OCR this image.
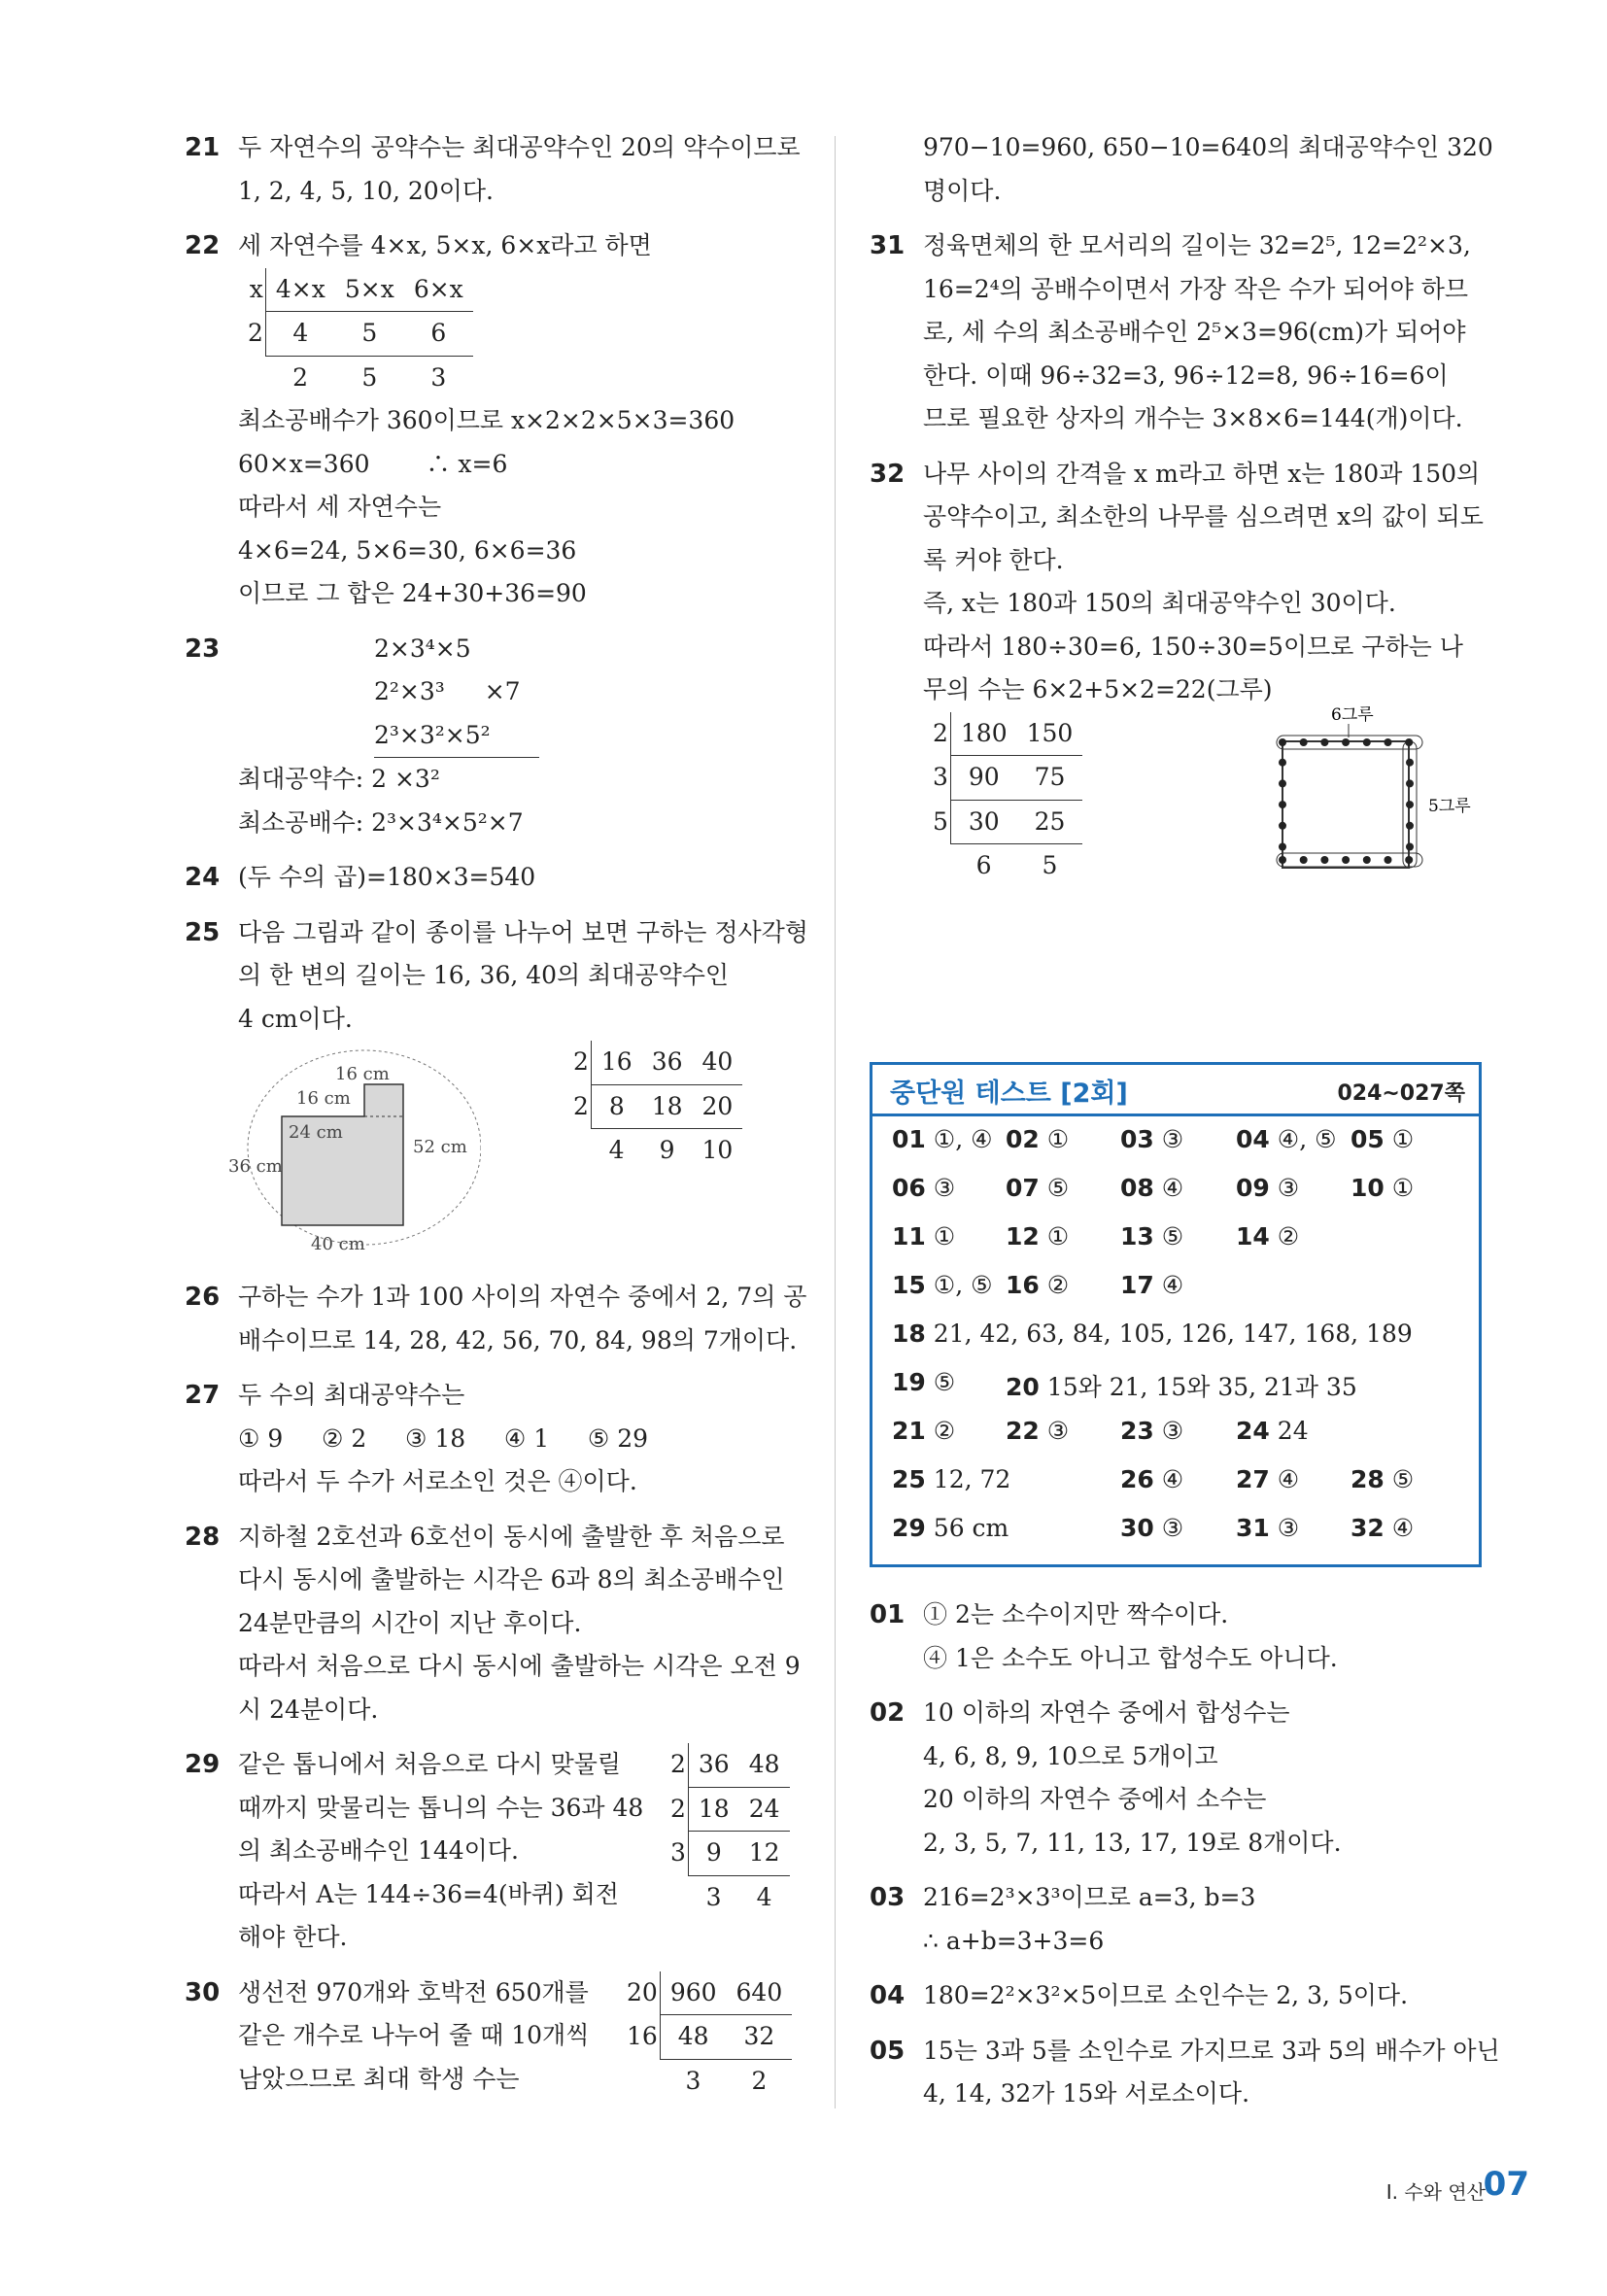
21 두 자연수의 공약수는 최대공약수인 20의 약수이므로
1, 2, 4, 5, 10, 20이다.
22 세 자연수를 4×x, 5×x, 6×x라고 하면
x	4×x	5×x	6×x
2	4	5	6
	2	5	3
최소공배수가 360이므로 x×2×2×5×3=360
60×x=360 　　∴ x=6
따라서 세 자연수는
4×6=24, 5×6=30, 6×6=36
이므로 그 합은 24+30+36=90
23	2×3⁴×5
2²×3³ 　 ×7
2³×3²×5²
최대공약수: 2 ×3²
최소공배수: 2³×3⁴×5²×7
24 (두 수의 곱)=180×3=540
25 다음 그림과 같이 종이를 나누어 보면 구하는 정사각형
의 한 변의 길이는 16, 36, 40의 최대공약수인
4 cm이다.
16 cm
16 cm
24 cm
36 cm
52 cm
40 cm
2	16	36	40
2	8	18	20
	4	9	10
26 구하는 수가 1과 100 사이의 자연수 중에서 2, 7의 공
배수이므로 14, 28, 42, 56, 70, 84, 98의 7개이다.
27 두 수의 최대공약수는
① 9 ② 2 ③ 18 ④ 1 ⑤ 29
따라서 두 수가 서로소인 것은 ④이다.
28 지하철 2호선과 6호선이 동시에 출발한 후 처음으로
다시 동시에 출발하는 시각은 6과 8의 최소공배수인
24분만큼의 시간이 지난 후이다.
따라서 처음으로 다시 동시에 출발하는 시각은 오전 9
시 24분이다.
29 같은 톱니에서 처음으로 다시 맞물릴
때까지 맞물리는 톱니의 수는 36과 48
의 최소공배수인 144이다.
따라서 A는 144÷36=4(바퀴) 회전
해야 한다.
2	36	48
2	18	24
3	9	12
	3	4
30 생선전 970개와 호박전 650개를
같은 개수로 나누어 줄 때 10개씩
남았으므로 최대 학생 수는
20	960	640
16	48	32
	3	2
970−10=960, 650−10=640의 최대공약수인 320
명이다.
31 정육면체의 한 모서리의 길이는 32=2⁵, 12=2²×3,
16=2⁴의 공배수이면서 가장 작은 수가 되어야 하므
로, 세 수의 최소공배수인 2⁵×3=96(cm)가 되어야
한다. 이때 96÷32=3, 96÷12=8, 96÷16=6이
므로 필요한 상자의 개수는 3×8×6=144(개)이다.
32 나무 사이의 간격을 x m라고 하면 x는 180과 150의
공약수이고, 최소한의 나무를 심으려면 x의 값이 되도
록 커야 한다.
즉, x는 180과 150의 최대공약수인 30이다.
따라서 180÷30=6, 150÷30=5이므로 구하는 나
무의 수는 6×2+5×2=22(그루)
2	180	150
3	90	75
5	30	25
	6	5
6그루
5그루
중단원 테스트 [2회]	024~027쪽
01 ①, ④ 02 ① 03 ③ 04 ④, ⑤ 05 ①
06 ③ 07 ⑤ 08 ④ 09 ③ 10 ①
11 ① 12 ① 13 ⑤ 14 ②
15 ①, ⑤ 16 ② 17 ④
18 21, 42, 63, 84, 105, 126, 147, 168, 189
19 ⑤ 20 15와 21, 15와 35, 21과 35
21 ② 22 ③ 23 ③ 24 24
25 12, 72	26 ④ 27 ④ 28 ⑤
29 56 cm	30 ③ 31 ③ 32 ④
01 ① 2는 소수이지만 짝수이다.
④ 1은 소수도 아니고 합성수도 아니다.
02 10 이하의 자연수 중에서 합성수는
4, 6, 8, 9, 10으로 5개이고
20 이하의 자연수 중에서 소수는
2, 3, 5, 7, 11, 13, 17, 19로 8개이다.
03 216=2³×3³이므로 a=3, b=3
∴ a+b=3+3=6
04 180=2²×3²×5이므로 소인수는 2, 3, 5이다.
05 15는 3과 5를 소인수로 가지므로 3과 5의 배수가 아닌
4, 14, 32가 15와 서로소이다.
Ⅰ. 수와 연산
07
